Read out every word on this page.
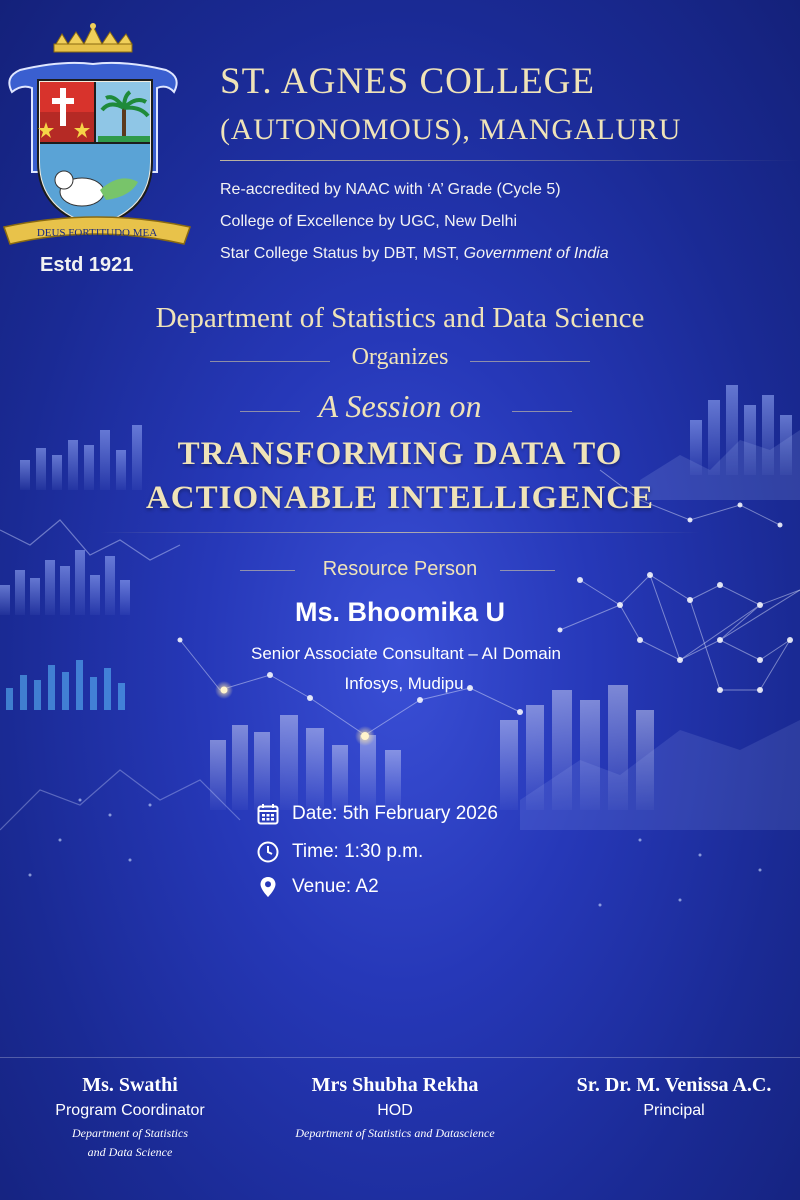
DEUS FORTITUDO MEA
Estd 1921
ST. AGNES COLLEGE
(AUTONOMOUS), MANGALURU
Re-accredited by NAAC with ‘A’ Grade (Cycle 5)
College of Excellence by UGC, New Delhi
Star College Status by DBT, MST, Government of India
Department of Statistics and Data Science
Organizes
A Session on
TRANSFORMING DATA TO
ACTIONABLE INTELLIGENCE
Resource Person
Ms. Bhoomika U
Senior Associate Consultant – AI Domain
Infosys, Mudipu
Date: 5th February 2026
Time: 1:30 p.m.
Venue: A2
Ms. Swathi
Program Coordinator
Department of Statistics
and Data Science
Mrs Shubha Rekha
HOD
Department of Statistics and Datascience
Sr. Dr. M. Venissa A.C.
Principal
